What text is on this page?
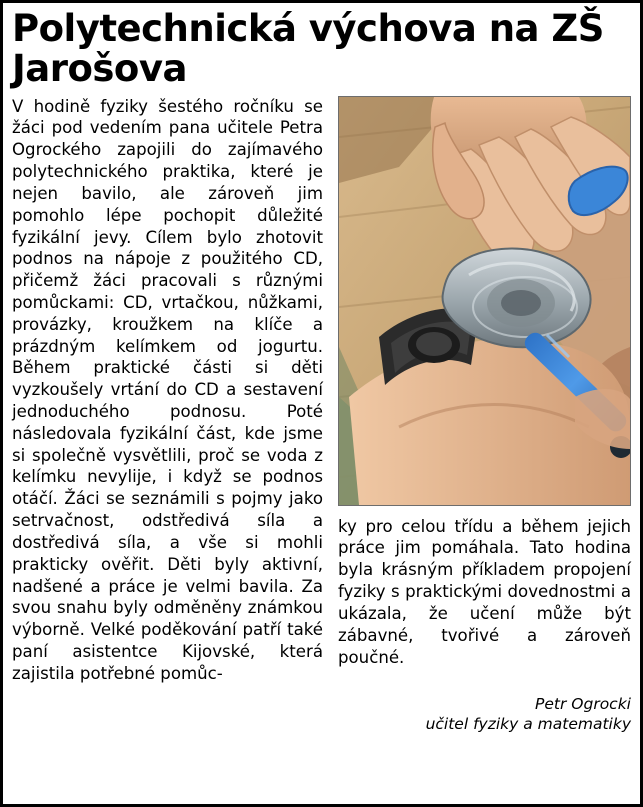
Polytechnická výchova na ZŠ Jarošova

V hodině fyziky šestého ročníku se žáci pod vedením pana učitele Petra Ogrockého zapojili do zajímavého polytechnického praktika, které je nejen bavilo, ale zároveň jim pomohlo lépe pochopit důležité fyzikální jevy. Cílem bylo zhotovit podnos na nápoje z použitého CD, přičemž žáci pracovali s různými pomůckami: CD, vrtačkou, nůžkami, provázky, kroužkem na klíče a prázdným kelímkem od jogurtu. Během praktické části si děti vyzkoušely vrtání do CD a sestavení jednoduchého podnosu. Poté následovala fyzikální část, kde jsme si společně vysvětlili, proč se voda z kelímku nevylije, i když se podnos otáčí. Žáci se seznámili s pojmy jako setrvačnost, odstředivá síla a dostředivá síla, a vše si mohli prakticky ověřit. Děti byly aktivní, nadšené a práce je velmi bavila. Za svou snahu byly odměněny známkou výborně. Velké poděkování patří také paní asistentce Kijovské, která zajistila potřebné pomůc-

ky pro celou třídu a během jejich práce jim pomáhala. Tato hodina byla krásným příkladem propojení fyziky s praktickými dovednostmi a ukázala, že učení může být zábavné, tvořivé a zároveň poučné.

Petr Ogrocki
učitel fyziky a matematiky
